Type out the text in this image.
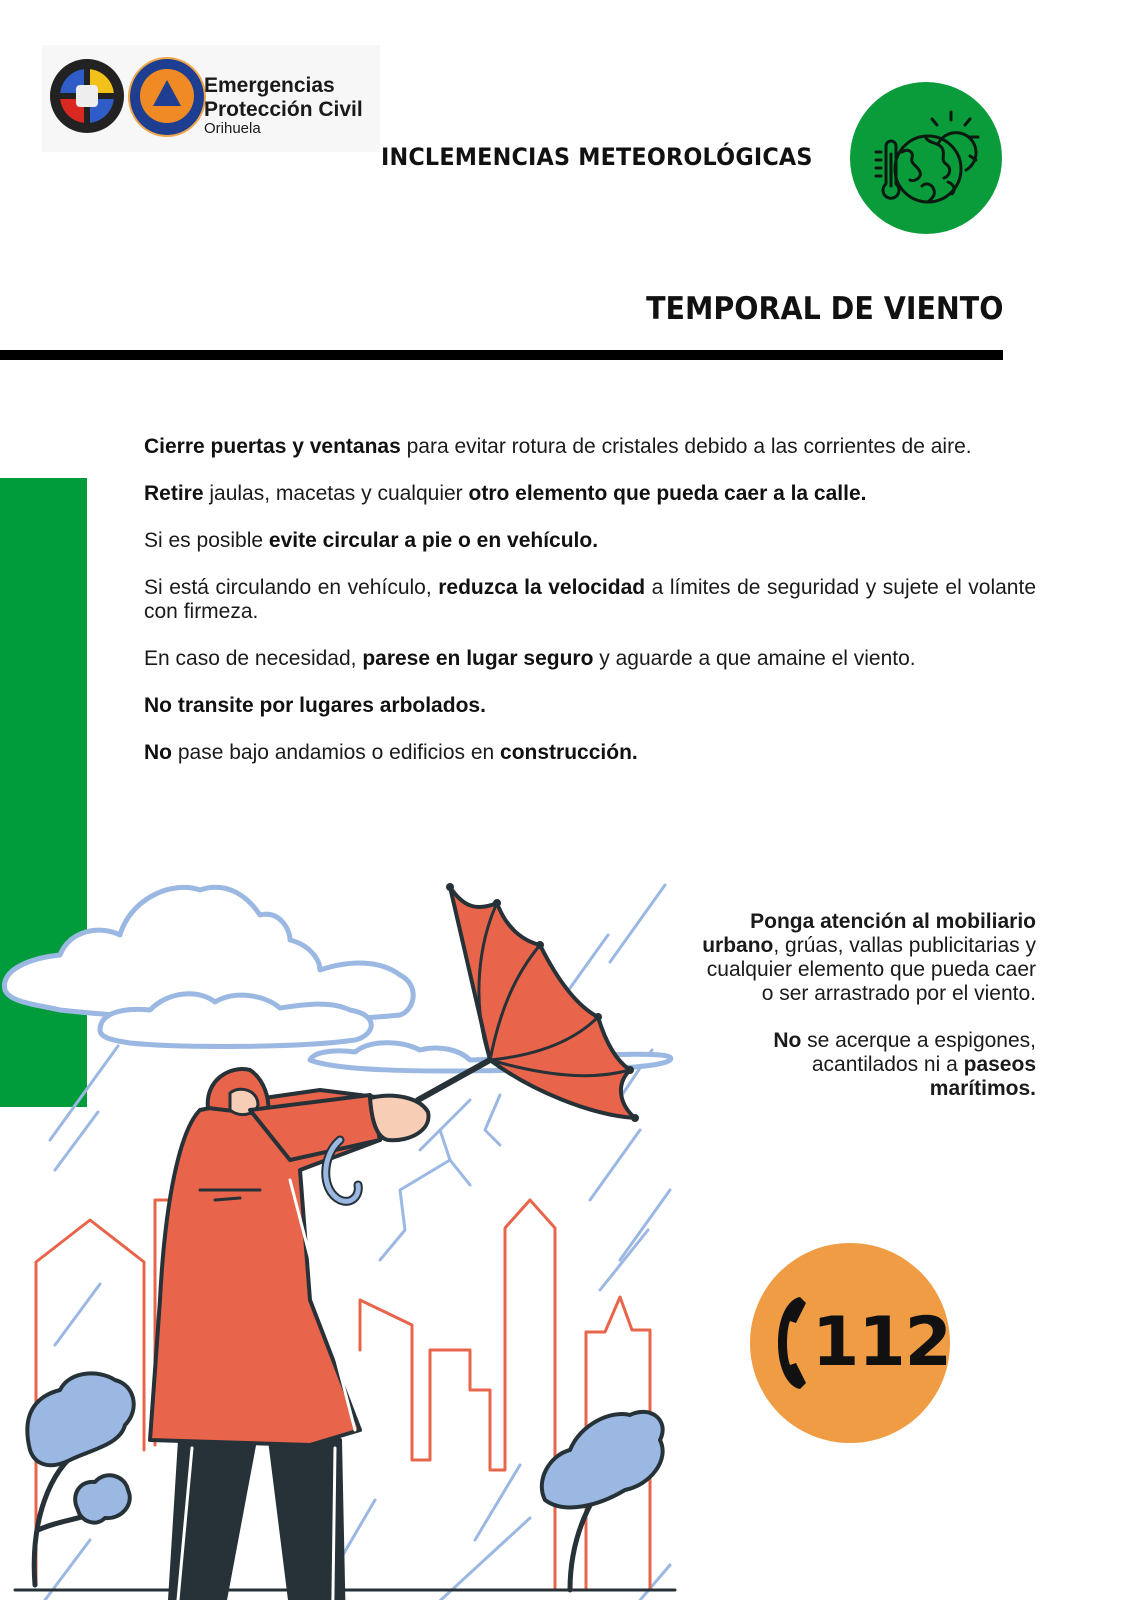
Emergencias
Protección Civil
Orihuela
INCLEMENCIAS METEOROLÓGICAS
TEMPORAL DE VIENTO

Cierre puertas y ventanas para evitar rotura de cristales debido a las corrientes de aire.

Retire jaulas, macetas y cualquier otro elemento que pueda caer a la calle.

Si es posible evite circular a pie o en vehículo.

Si está circulando en vehículo, reduzca la velocidad a límites de seguridad y sujete el volante con firmeza.

En caso de necesidad, parese en lugar seguro y aguarde a que amaine el viento.

No transite por lugares arbolados.

No pase bajo andamios o edificios en construcción.

Ponga atención al mobiliario urbano, grúas, vallas publicitarias y cualquier elemento que pueda caer o ser arrastrado por el viento.

No se acerque a espigones, acantilados ni a paseos marítimos.

112
